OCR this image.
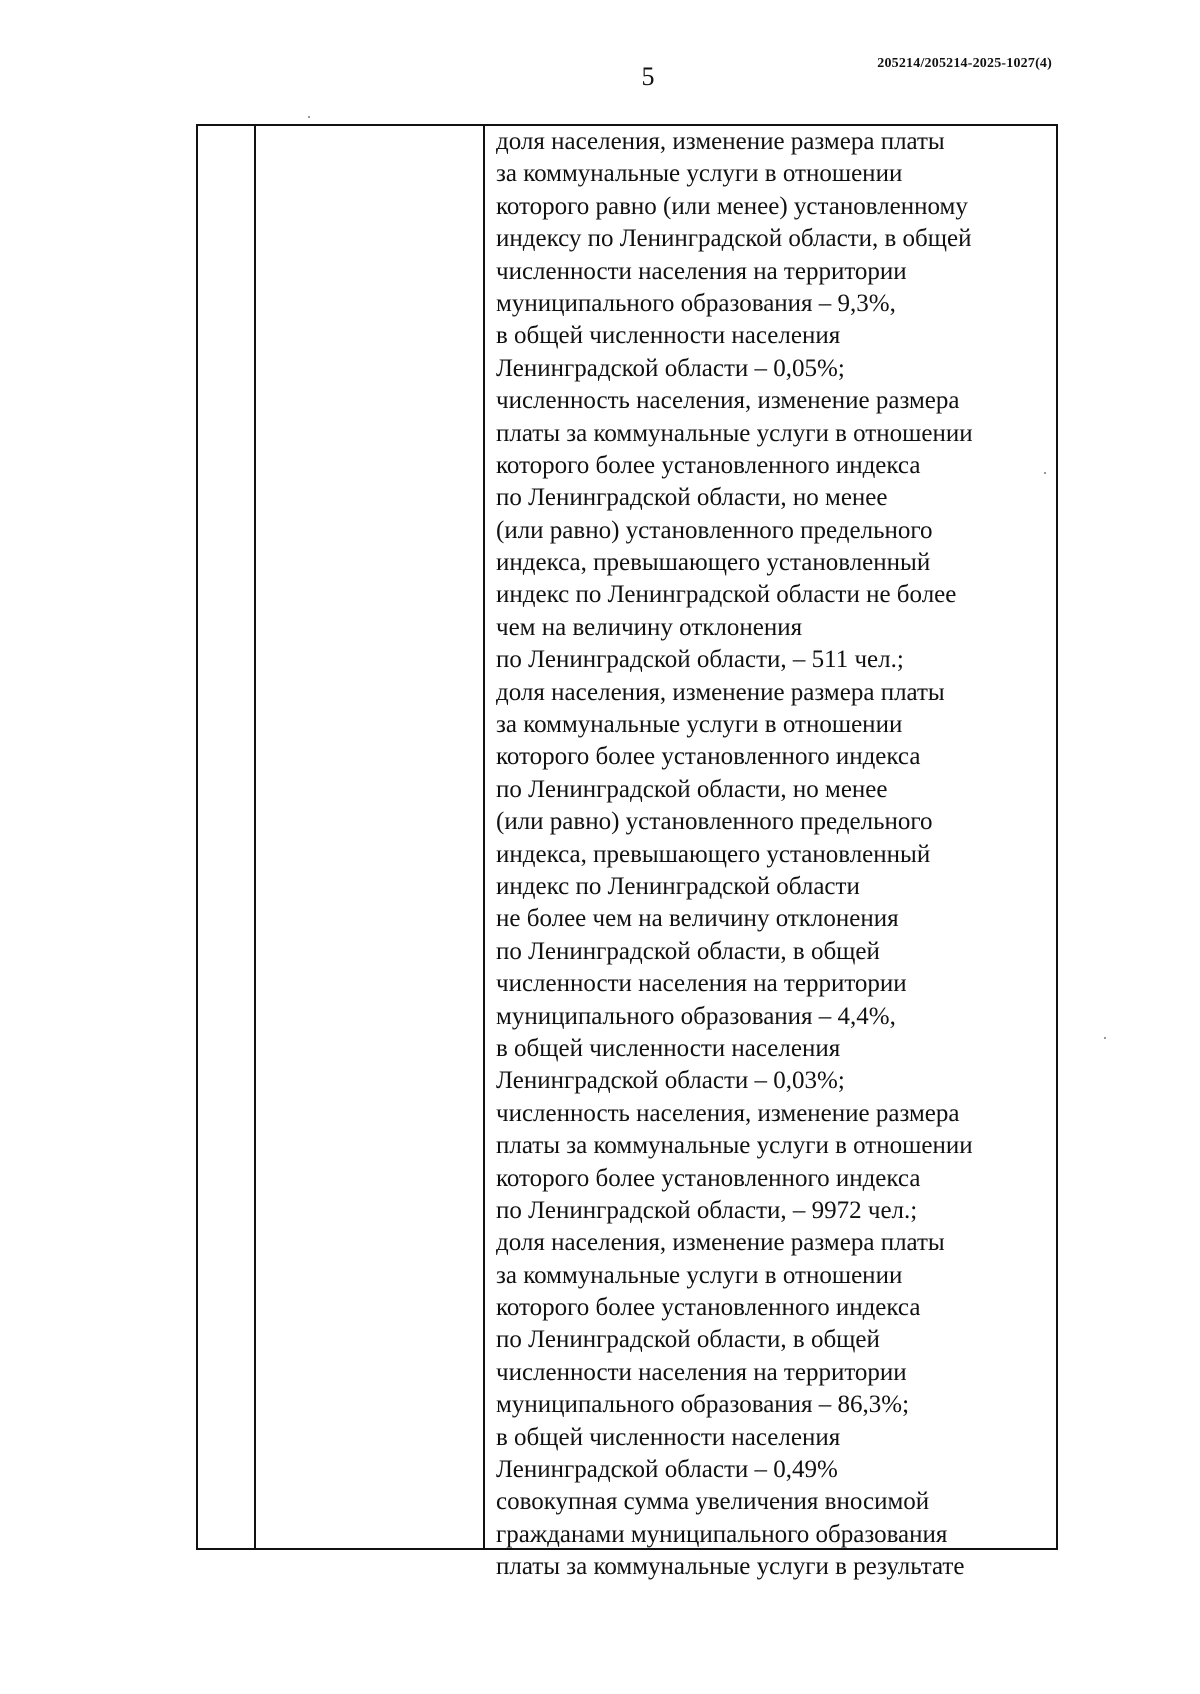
5	205214/205214-2025-1027(4)
доля населения, изменение размера платы
за коммунальные услуги в отношении
которого равно (или менее) установленному
индексу по Ленинградской области, в общей
численности населения на территории
муниципального образования – 9,3%,
в общей численности населения
Ленинградской области – 0,05%;
численность населения, изменение размера
платы за коммунальные услуги в отношении
которого более установленного индекса
по Ленинградской области, но менее
(или равно) установленного предельного
индекса, превышающего установленный
индекс по Ленинградской области не более
чем на величину отклонения
по Ленинградской области, – 511 чел.;
доля населения, изменение размера платы
за коммунальные услуги в отношении
которого более установленного индекса
по Ленинградской области, но менее
(или равно) установленного предельного
индекса, превышающего установленный
индекс по Ленинградской области
не более чем на величину отклонения
по Ленинградской области, в общей
численности населения на территории
муниципального образования – 4,4%,
в общей численности населения
Ленинградской области – 0,03%;
численность населения, изменение размера
платы за коммунальные услуги в отношении
которого более установленного индекса
по Ленинградской области, – 9972 чел.;
доля населения, изменение размера платы
за коммунальные услуги в отношении
которого более установленного индекса
по Ленинградской области, в общей
численности населения на территории
муниципального образования – 86,3%;
в общей численности населения
Ленинградской области – 0,49%
совокупная сумма увеличения вносимой
гражданами муниципального образования
платы за коммунальные услуги в результате
